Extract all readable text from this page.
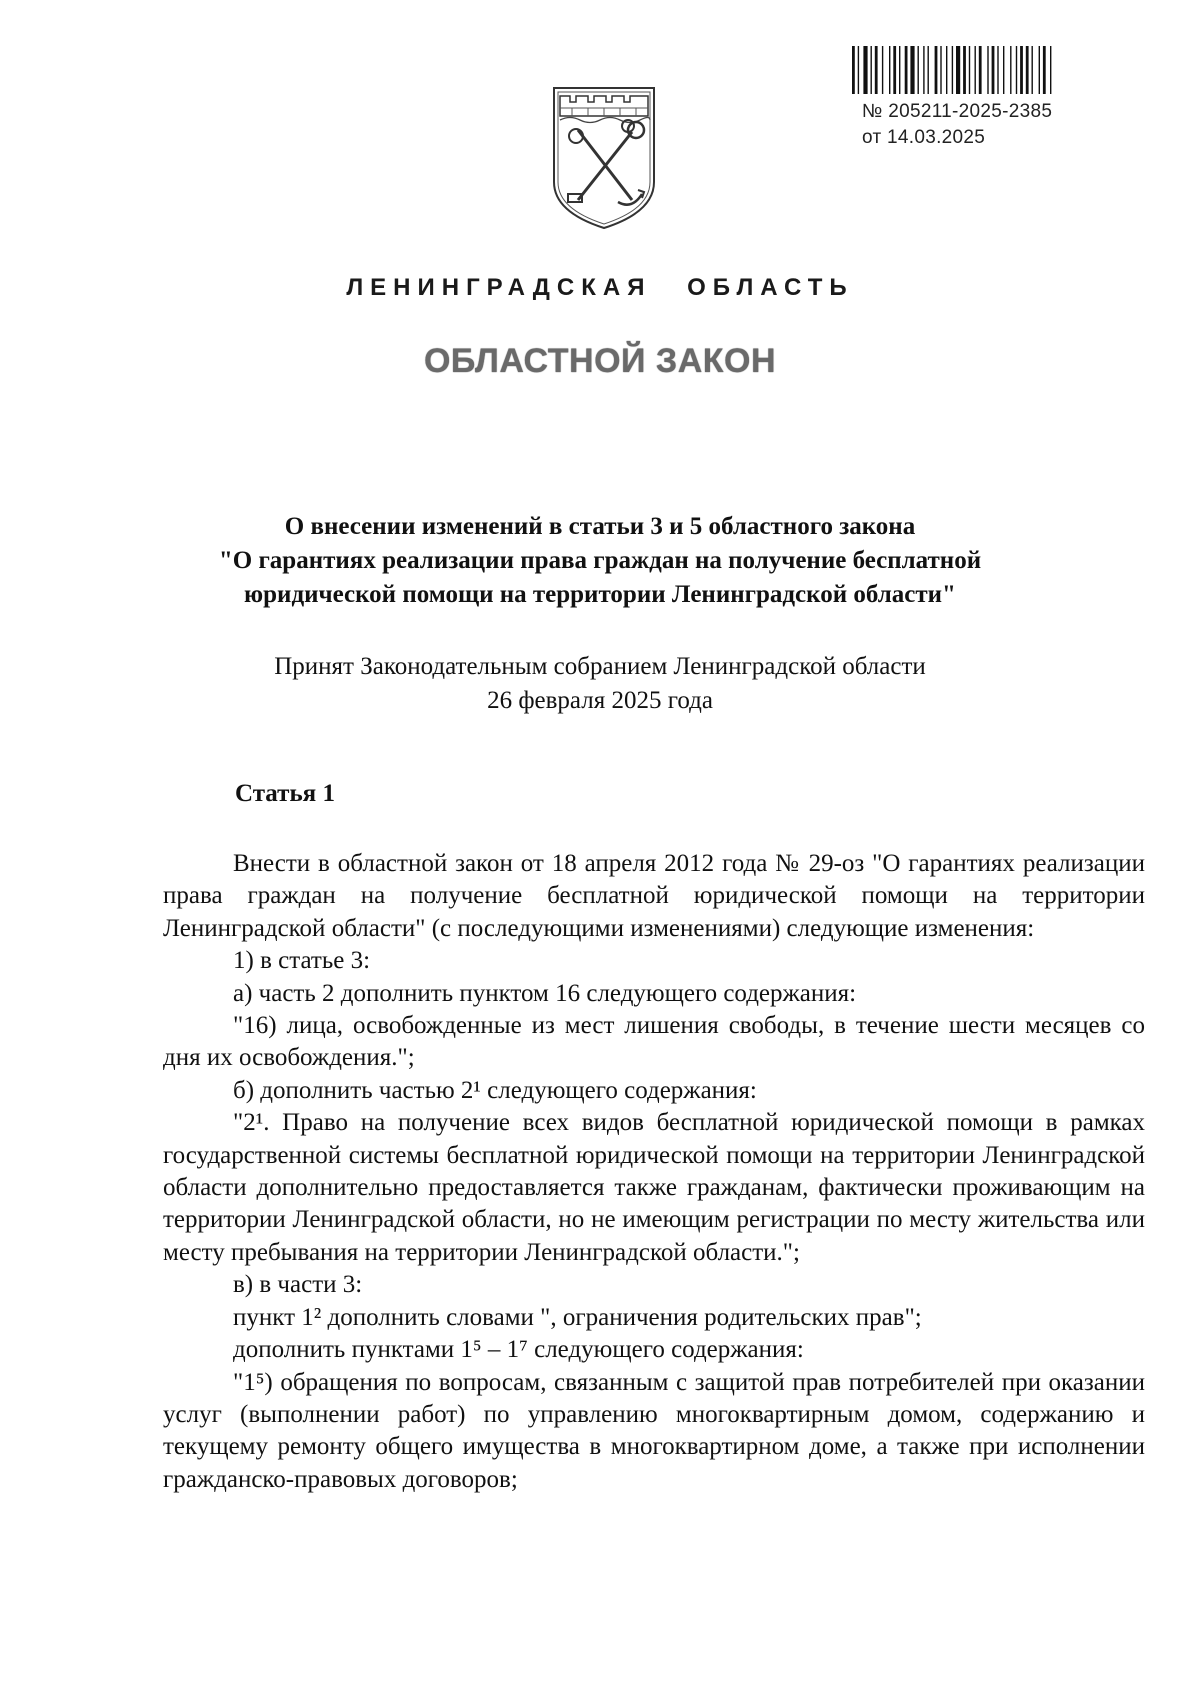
№ 205211-2025-2385
от 14.03.2025
ЛЕНИНГРАДСКАЯ ОБЛАСТЬ
ОБЛАСТНОЙ ЗАКОН
О внесении изменений в статьи 3 и 5 областного закона
"О гарантиях реализации права граждан на получение бесплатной
юридической помощи на территории Ленинградской области"
Принят Законодательным собранием Ленинградской области
26 февраля 2025 года
Статья 1

Внести в областной закон от 18 апреля 2012 года № 29-оз "О гарантиях реализации права граждан на получение бесплатной юридической помощи на территории Ленинградской области" (с последующими изменениями) следующие изменения:

1) в статье 3:

а) часть 2 дополнить пунктом 16 следующего содержания:

"16) лица, освобожденные из мест лишения свободы, в течение шести месяцев со дня их освобождения.";

б) дополнить частью 2¹ следующего содержания:

"2¹. Право на получение всех видов бесплатной юридической помощи в рамках государственной системы бесплатной юридической помощи на территории Ленинградской области дополнительно предоставляется также гражданам, фактически проживающим на территории Ленинградской области, но не имеющим регистрации по месту жительства или месту пребывания на территории Ленинградской области.";

в) в части 3:

пункт 1² дополнить словами ", ограничения родительских прав";

дополнить пунктами 1⁵ – 1⁷ следующего содержания:

"1⁵) обращения по вопросам, связанным с защитой прав потребителей при оказании услуг (выполнении работ) по управлению многоквартирным домом, содержанию и текущему ремонту общего имущества в многоквартирном доме, а также при исполнении гражданско-правовых договоров;
